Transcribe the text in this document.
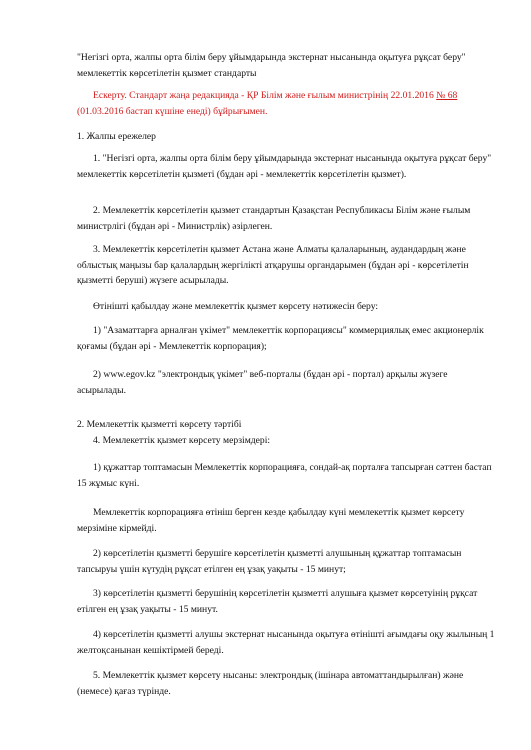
"Негізгі орта, жалпы орта білім беру ұйымдарында экстернат нысанында оқытуға рұқсат беру" мемлекеттік көрсетілетін қызмет стандарты

Ескерту. Стандарт жаңа редакцияда - ҚР Білім және ғылым министрінің 22.01.2016 № 68 (01.03.2016 бастап күшіне енеді) бұйрығымен.

1. Жалпы ережелер

1. "Негізгі орта, жалпы орта білім беру ұйымдарында экстернат нысанында оқытуға рұқсат беру" мемлекеттік көрсетілетін қызметі (бұдан әрі - мемлекеттік көрсетілетін қызмет).

2. Мемлекеттік көрсетілетін қызмет стандартын Қазақстан Республикасы Білім және ғылым министрлігі (бұдан әрі - Министрлік) әзірлеген.

3. Мемлекеттік көрсетілетін қызмет Астана және Алматы қалаларының, аудандардың және облыстық маңызы бар қалалардың жергілікті атқарушы органдарымен (бұдан әрі - көрсетілетін қызметті беруші) жүзеге асырылады.

Өтінішті қабылдау және мемлекеттік қызмет көрсету нәтижесін беру:

1) "Азаматтарға арналған үкімет" мемлекеттік корпорациясы" коммерциялық емес акционерлік қоғамы (бұдан әрі - Мемлекеттік корпорация);

2) www.egov.kz "электрондық үкімет" веб-порталы (бұдан әрі - портал) арқылы жүзеге асырылады.

2. Мемлекеттік қызметті көрсету тәртібі

4. Мемлекеттік қызмет көрсету мерзімдері:

1) құжаттар топтамасын Мемлекеттік корпорацияға, сондай-ақ порталға тапсырған сәттен бастап 15 жұмыс күні.

Мемлекеттік корпорацияға өтініш берген кезде қабылдау күні мемлекеттік қызмет көрсету мерзіміне кірмейді.

2) көрсетілетін қызметті берушіге көрсетілетін қызметті алушының құжаттар топтамасын тапсыруы үшін күтудің рұқсат етілген ең ұзақ уақыты - 15 минут;

3) көрсетілетін қызметті берушінің көрсетілетін қызметті алушыға қызмет көрсетуінің рұқсат етілген ең ұзақ уақыты - 15 минут.

4) көрсетілетін қызметті алушы экстернат нысанында оқытуға өтінішті ағымдағы оқу жылының 1 желтоқсанынан кешіктірмей береді.

5. Мемлекеттік қызмет көрсету нысаны: электрондық (ішінара автоматтандырылған) және (немесе) қағаз түрінде.
